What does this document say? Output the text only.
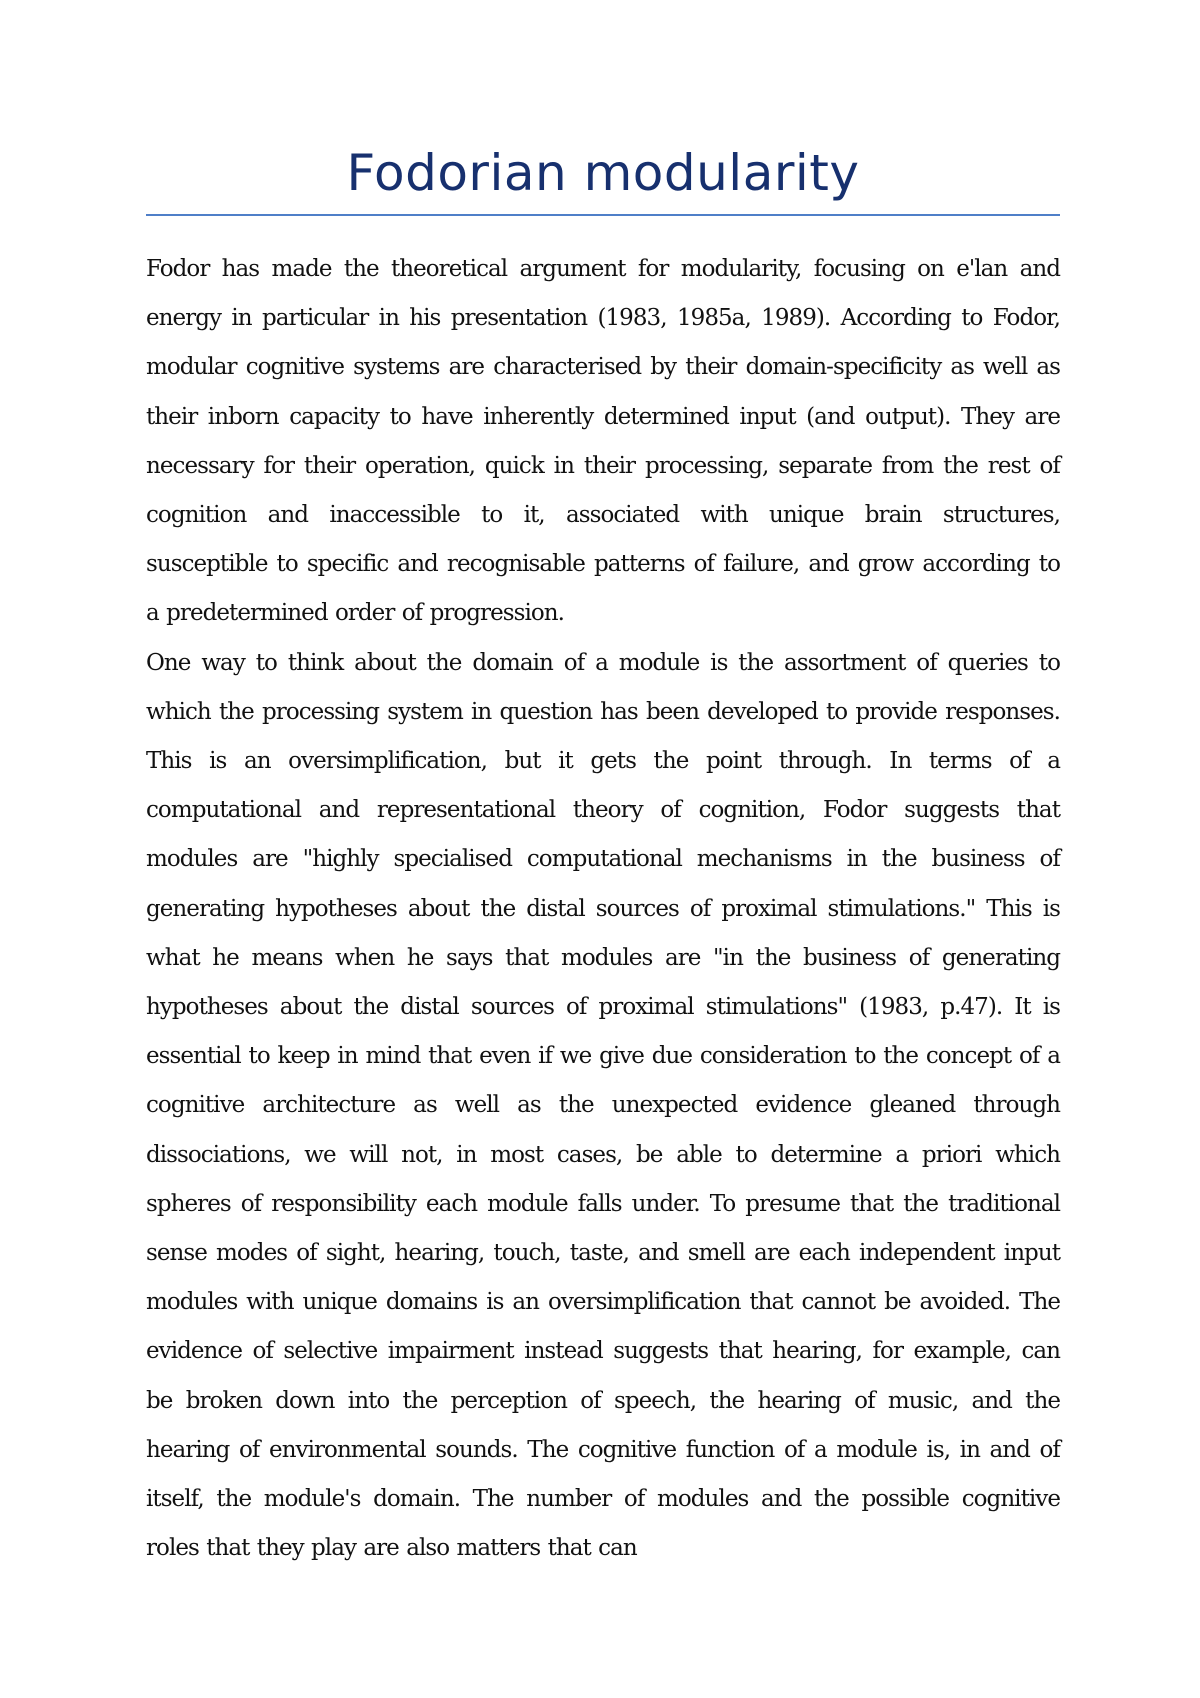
Fodorian modularity

Fodor has made the theoretical argument for modularity, focusing on e'lan and energy in particular in his presentation (1983, 1985a, 1989). According to Fodor, modular cognitive systems are characterised by their domain-specificity as well as their inborn capacity to have inherently determined input (and output). They are necessary for their operation, quick in their processing, separate from the rest of cognition and inaccessible to it, associated with unique brain structures, susceptible to specific and recognisable patterns of failure, and grow according to a predetermined order of progression.

One way to think about the domain of a module is the assortment of queries to which the processing system in question has been developed to provide responses. This is an oversimplification, but it gets the point through. In terms of a computational and representational theory of cognition, Fodor suggests that modules are "highly specialised computational mechanisms in the business of generating hypotheses about the distal sources of proximal stimulations." This is what he means when he says that modules are "in the business of generating hypotheses about the distal sources of proximal stimulations" (1983, p.47). It is essential to keep in mind that even if we give due consideration to the concept of a cognitive architecture as well as the unexpected evidence gleaned through dissociations, we will not, in most cases, be able to determine a priori which spheres of responsibility each module falls under. To presume that the traditional sense modes of sight, hearing, touch, taste, and smell are each independent input modules with unique domains is an oversimplification that cannot be avoided. The evidence of selective impairment instead suggests that hearing, for example, can be broken down into the perception of speech, the hearing of music, and the hearing of environmental sounds. The cognitive function of a module is, in and of itself, the module's domain. The number of modules and the possible cognitive roles that they play are also matters that can
